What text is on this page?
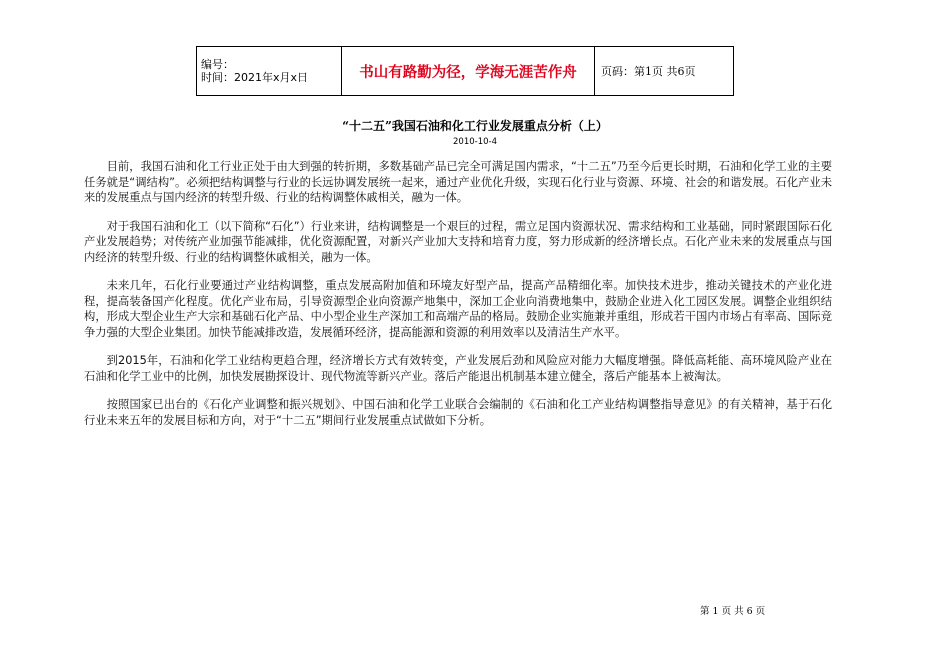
编号：
时间：2021年x月x日	书山有路勤为径，学海无涯苦作舟	页码：第1页 共6页
“十二五”我国石油和化工行业发展重点分析（上）
2010-10-4

目前，我国石油和化工行业正处于由大到强的转折期，多数基础产品已完全可满足国内需求，“十二五”乃至今后更长时期，石油和化学工业的主要任务就是“调结构”。必须把结构调整与行业的长远协调发展统一起来，通过产业优化升级，实现石化行业与资源、环境、社会的和谐发展。石化产业未来的发展重点与国内经济的转型升级、行业的结构调整休戚相关，融为一体。

对于我国石油和化工（以下简称“石化”）行业来讲，结构调整是一个艰巨的过程，需立足国内资源状况、需求结构和工业基础，同时紧跟国际石化产业发展趋势；对传统产业加强节能减排，优化资源配置，对新兴产业加大支持和培育力度，努力形成新的经济增长点。石化产业未来的发展重点与国内经济的转型升级、行业的结构调整休戚相关，融为一体。

未来几年，石化行业要通过产业结构调整，重点发展高附加值和环境友好型产品，提高产品精细化率。加快技术进步，推动关键技术的产业化进程，提高装备国产化程度。优化产业布局，引导资源型企业向资源产地集中，深加工企业向消费地集中，鼓励企业进入化工园区发展。调整企业组织结构，形成大型企业生产大宗和基础石化产品、中小型企业生产深加工和高端产品的格局。鼓励企业实施兼并重组，形成若干国内市场占有率高、国际竞争力强的大型企业集团。加快节能减排改造，发展循环经济，提高能源和资源的利用效率以及清洁生产水平。

到2015年，石油和化学工业结构更趋合理，经济增长方式有效转变，产业发展后劲和风险应对能力大幅度增强。降低高耗能、高环境风险产业在石油和化学工业中的比例，加快发展勘探设计、现代物流等新兴产业。落后产能退出机制基本建立健全，落后产能基本上被淘汰。

按照国家已出台的《石化产业调整和振兴规划》、中国石油和化学工业联合会编制的《石油和化工产业结构调整指导意见》的有关精神，基于石化行业未来五年的发展目标和方向，对于“十二五”期间行业发展重点试做如下分析。

第 1 页 共 6 页
